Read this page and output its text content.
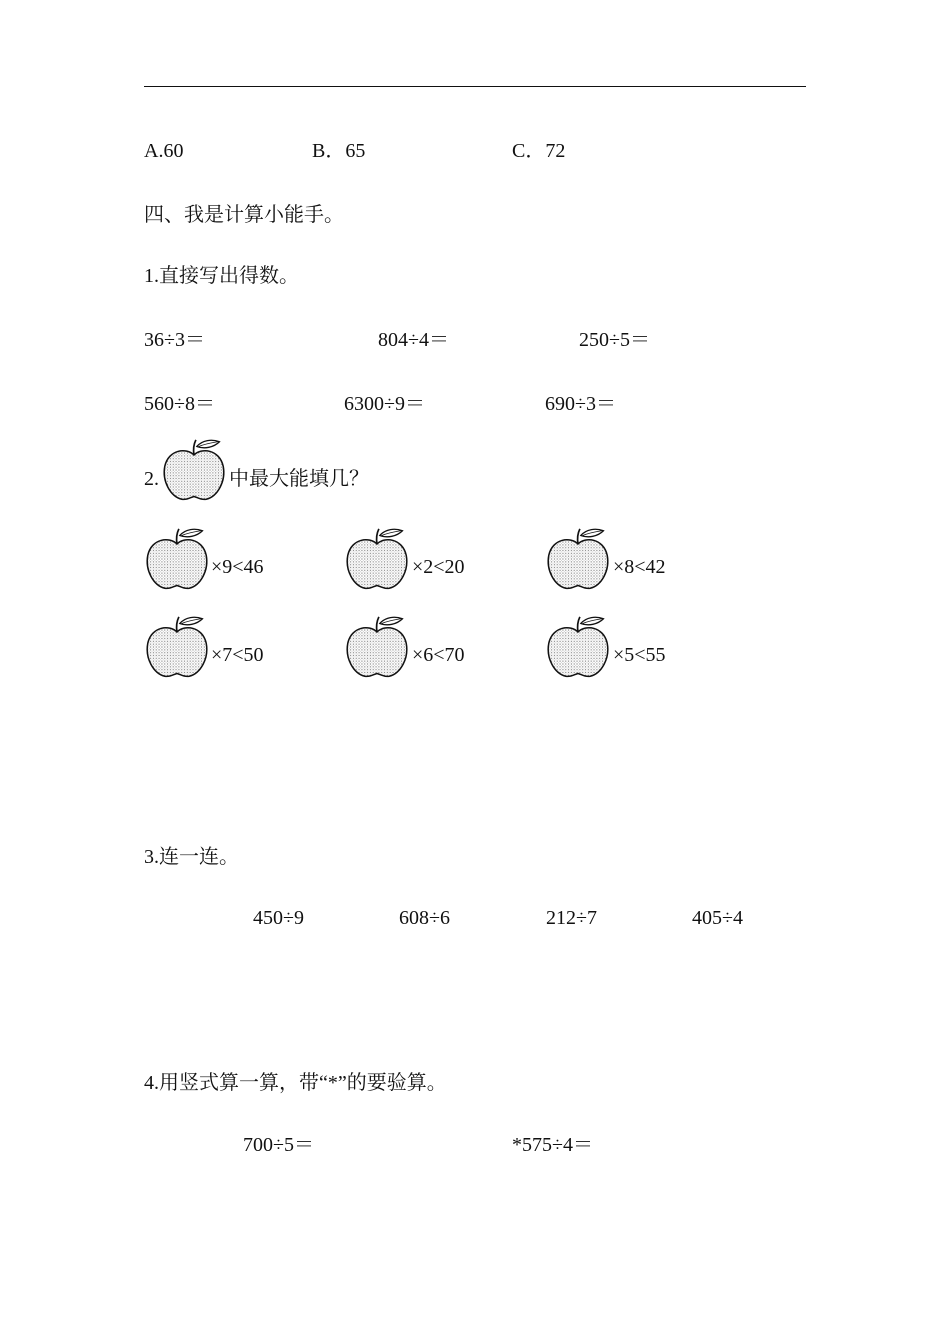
A.60	B．65	C．72
四、我是计算小能手。
1.直接写出得数。
36÷3＝	804÷4＝	250÷5＝
560÷8＝	6300÷9＝	690÷3＝
2.	中最大能填几？
×9<46	×2<20	×8<42
×7<50	×6<70	×5<55
3.连一连。
450÷9	608÷6	212÷7	405÷4
4.用竖式算一算，带“*”的要验算。
700÷5＝	*575÷4＝
